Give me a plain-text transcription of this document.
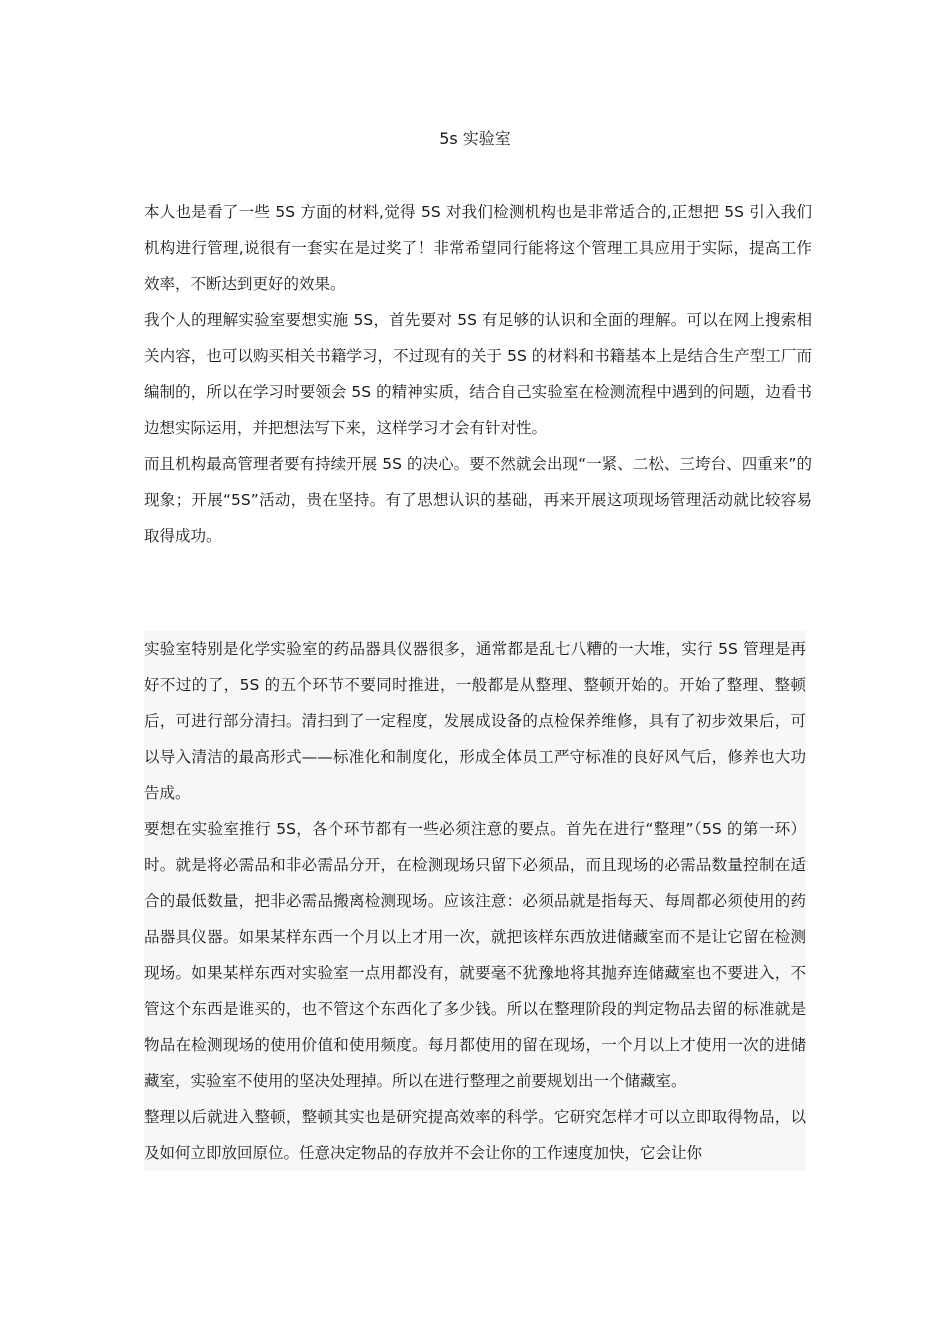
5s 实验室

本人也是看了一些 5S 方面的材料,觉得 5S 对我们检测机构也是非常适合的,正想把 5S 引入我们机构进行管理,说很有一套实在是过奖了！非常希望同行能将这个管理工具应用于实际，提高工作效率，不断达到更好的效果。

我个人的理解实验室要想实施 5S，首先要对 5S 有足够的认识和全面的理解。可以在网上搜索相关内容，也可以购买相关书籍学习，不过现有的关于 5S 的材料和书籍基本上是结合生产型工厂而编制的，所以在学习时要领会 5S 的精神实质，结合自己实验室在检测流程中遇到的问题，边看书边想实际运用，并把想法写下来，这样学习才会有针对性。

而且机构最高管理者要有持续开展 5S 的决心。要不然就会出现“一紧、二松、三垮台、四重来”的现象；开展“5S”活动，贵在坚持。有了思想认识的基础，再来开展这项现场管理活动就比较容易取得成功。

实验室特别是化学实验室的药品器具仪器很多，通常都是乱七八糟的一大堆，实行 5S 管理是再好不过的了，5S 的五个环节不要同时推进，一般都是从整理、整顿开始的。开始了整理、整顿后，可进行部分清扫。清扫到了一定程度，发展成设备的点检保养维修，具有了初步效果后，可以导入清洁的最高形式——标准化和制度化，形成全体员工严守标准的良好风气后，修养也大功告成。

要想在实验室推行 5S，各个环节都有一些必须注意的要点。首先在进行“整理”（5S 的第一环）时。就是将必需品和非必需品分开，在检测现场只留下必须品，而且现场的必需品数量控制在适合的最低数量，把非必需品搬离检测现场。应该注意：必须品就是指每天、每周都必须使用的药品器具仪器。如果某样东西一个月以上才用一次，就把该样东西放进储藏室而不是让它留在检测现场。如果某样东西对实验室一点用都没有，就要毫不犹豫地将其抛弃连储藏室也不要进入，不管这个东西是谁买的，也不管这个东西化了多少钱。所以在整理阶段的判定物品去留的标准就是物品在检测现场的使用价值和使用频度。每月都使用的留在现场，一个月以上才使用一次的进储藏室，实验室不使用的坚决处理掉。所以在进行整理之前要规划出一个储藏室。

整理以后就进入整顿，整顿其实也是研究提高效率的科学。它研究怎样才可以立即取得物品，以及如何立即放回原位。任意决定物品的存放并不会让你的工作速度加快，它会让你
